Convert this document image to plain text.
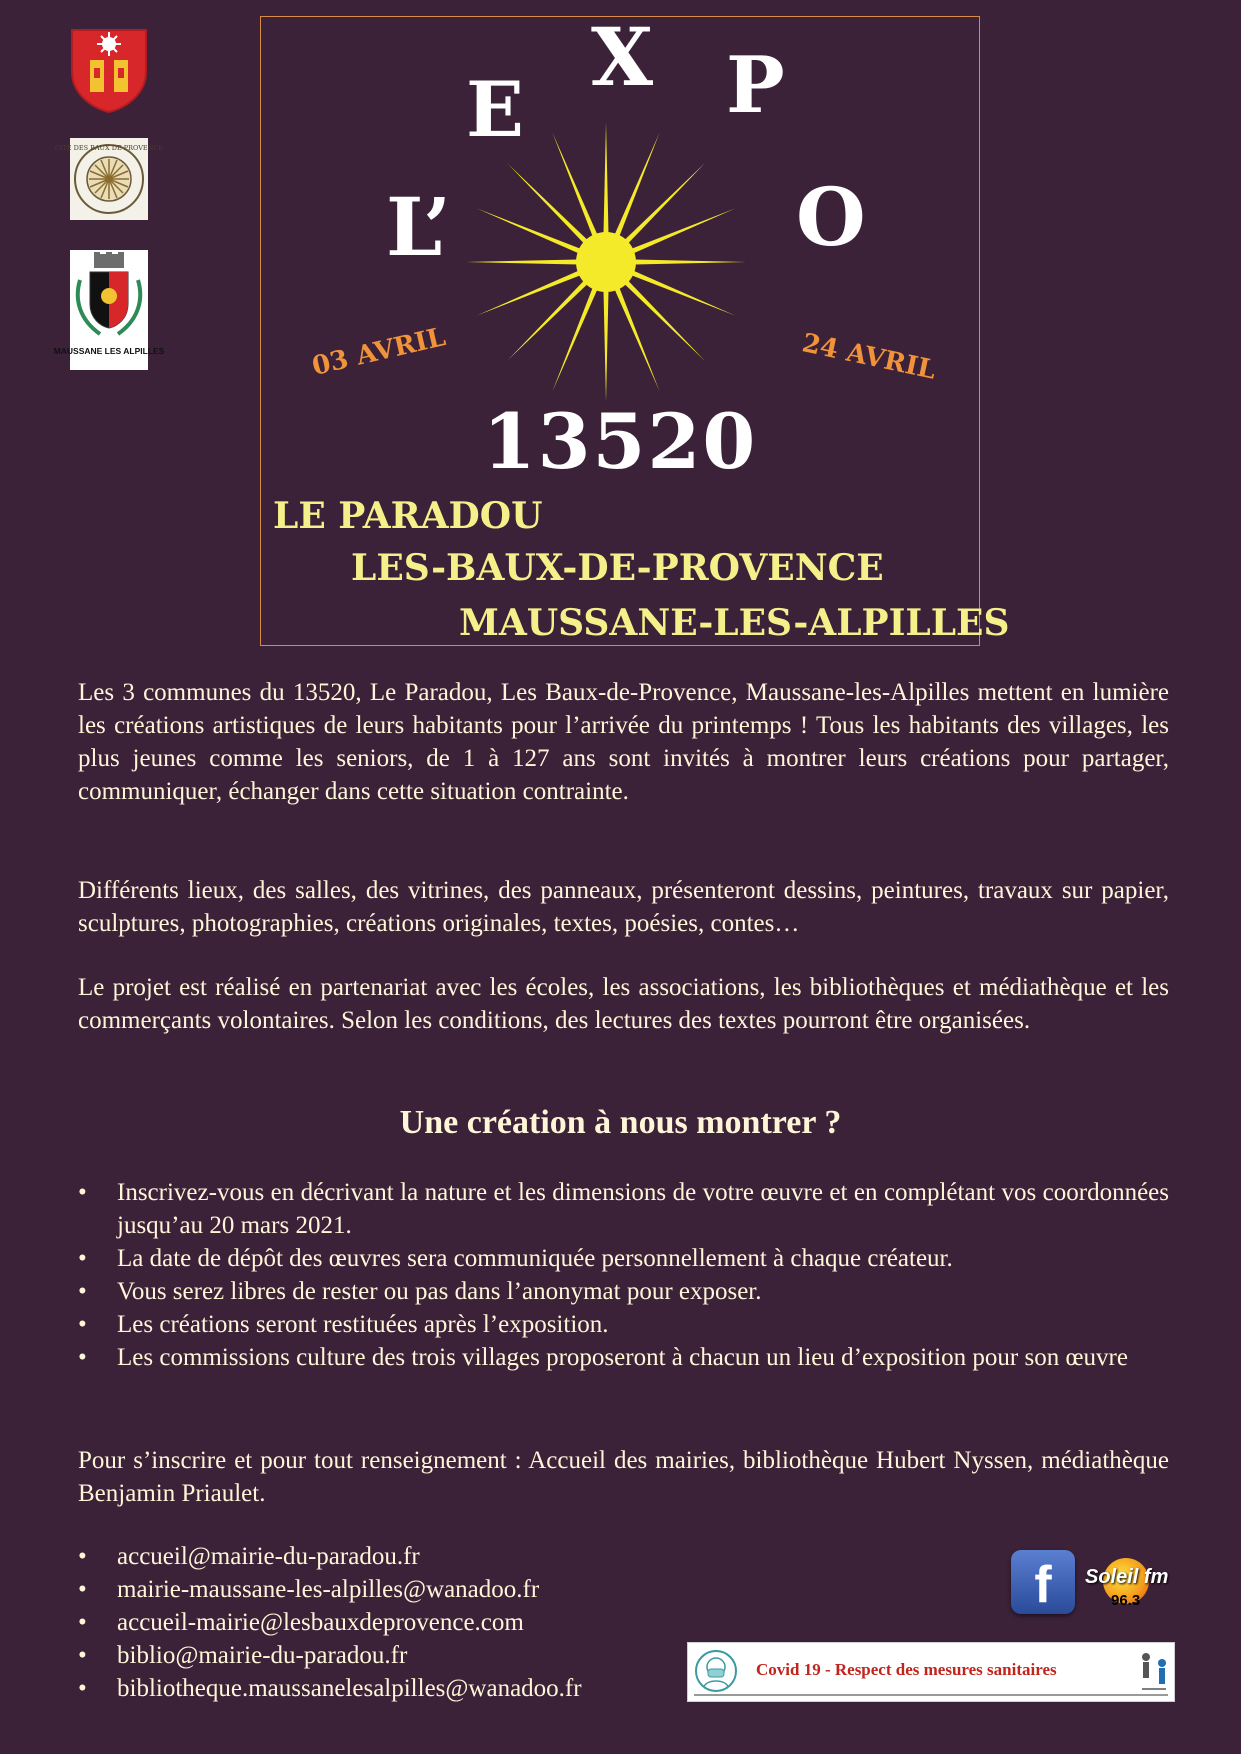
CITÉ DES BAUX DE PROVENCE
MAUSSANE LES ALPILLES

L’

E

X P

O

03 AVRIL	24 AVRIL

13520

LE PARADOU

LES-BAUX-DE-PROVENCE

MAUSSANE-LES-ALPILLES

Les 3 communes du 13520, Le Paradou, Les Baux-de-Provence, Maussane-les-Alpilles mettent en lumière les créations artistiques de leurs habitants pour l’arrivée du printemps ! Tous les habitants des villages, les plus jeunes comme les seniors, de 1 à 127 ans sont invités à montrer leurs créations pour partager, communiquer, échanger dans cette situation contrainte.

Différents lieux, des salles, des vitrines, des panneaux, présenteront dessins, peintures, travaux sur papier, sculptures, photographies, créations originales, textes, poésies, contes…

Le projet est réalisé en partenariat avec les écoles, les associations, les bibliothèques et médiathèque et les commerçants volontaires. Selon les conditions, des lectures des textes pourront être organisées.

Une création à nous montrer ?
• Inscrivez-vous en décrivant la nature et les dimensions de votre œuvre et en complétant vos coordonnées jusqu’au 20 mars 2021.
• La date de dépôt des œuvres sera communiquée personnellement à chaque créateur.
• Vous serez libres de rester ou pas dans l’anonymat pour exposer.
• Les créations seront restituées après l’exposition.
• Les commissions culture des trois villages proposeront à chacun un lieu d’exposition pour son œuvre

Pour s’inscrire et pour tout renseignement : Accueil des mairies, bibliothèque Hubert Nyssen, médiathèque Benjamin Priaulet.

• accueil@mairie-du-paradou.fr
• mairie-maussane-les-alpilles@wanadoo.fr
• accueil-mairie@lesbauxdeprovence.com
• biblio@mairie-du-paradou.fr
• bibliotheque.maussanelesalpilles@wanadoo.fr
f	Soleil fm
96.3
Covid 19 - Respect des mesures sanitaires
